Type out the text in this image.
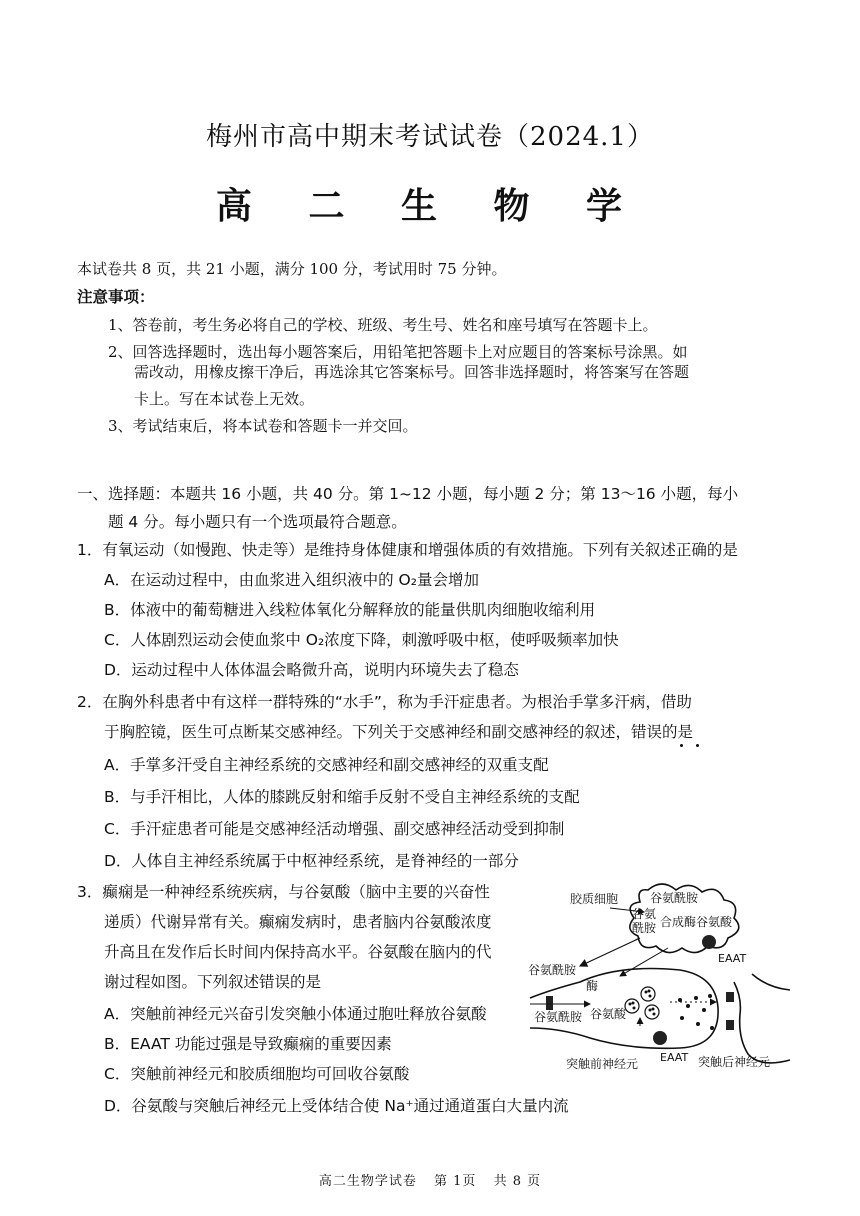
梅州市高中期末考试试卷（2024.1）
高 二 生 物 学
本试卷共 8 页，共 21 小题，满分 100 分，考试用时 75 分钟。
注意事项：
1、答卷前，考生务必将自己的学校、班级、考生号、姓名和座号填写在答题卡上。
2、回答选择题时，选出每小题答案后，用铅笔把答题卡上对应题目的答案标号涂黑。如
需改动，用橡皮擦干净后，再选涂其它答案标号。回答非选择题时，将答案写在答题
卡上。写在本试卷上无效。
3、考试结束后，将本试卷和答题卡一并交回。
一、选择题：本题共 16 小题，共 40 分。第 1~12 小题，每小题 2 分；第 13～16 小题，每小
题 4 分。每小题只有一个选项最符合题意。
1．有氧运动（如慢跑、快走等）是维持身体健康和增强体质的有效措施。下列有关叙述正确的是
A．在运动过程中，由血浆进入组织液中的 O₂量会增加
B．体液中的葡萄糖进入线粒体氧化分解释放的能量供肌肉细胞收缩利用
C．人体剧烈运动会使血浆中 O₂浓度下降，刺激呼吸中枢，使呼吸频率加快
D．运动过程中人体体温会略微升高，说明内环境失去了稳态
2．在胸外科患者中有这样一群特殊的“水手”，称为手汗症患者。为根治手掌多汗病，借助
于胸腔镜，医生可点断某交感神经。下列关于交感神经和副交感神经的叙述，错误的是
A．手掌多汗受自主神经系统的交感神经和副交感神经的双重支配
B．与手汗相比，人体的膝跳反射和缩手反射不受自主神经系统的支配
C．手汗症患者可能是交感神经活动增强、副交感神经活动受到抑制
D．人体自主神经系统属于中枢神经系统，是脊神经的一部分
3．癫痫是一种神经系统疾病，与谷氨酸（脑中主要的兴奋性
递质）代谢异常有关。癫痫发病时，患者脑内谷氨酸浓度
升高且在发作后长时间内保持高水平。谷氨酸在脑内的代
谢过程如图。下列叙述错误的是
A．突触前神经元兴奋引发突触小体通过胞吐释放谷氨酸
B．EAAT 功能过强是导致癫痫的重要因素
C．突触前神经元和胶质细胞均可回收谷氨酸
D．谷氨酸与突触后神经元上受体结合使 Na⁺通过通道蛋白大量内流
胶质细胞	谷氨酰胺
谷氨
酰胺 合成酶 谷氨酸
EAAT
谷氨酰胺
酶
谷氨酰胺 谷氨酸
EAAT
突触前神经元	突触后神经元
高二生物学试卷 第 1页 共 8 页
